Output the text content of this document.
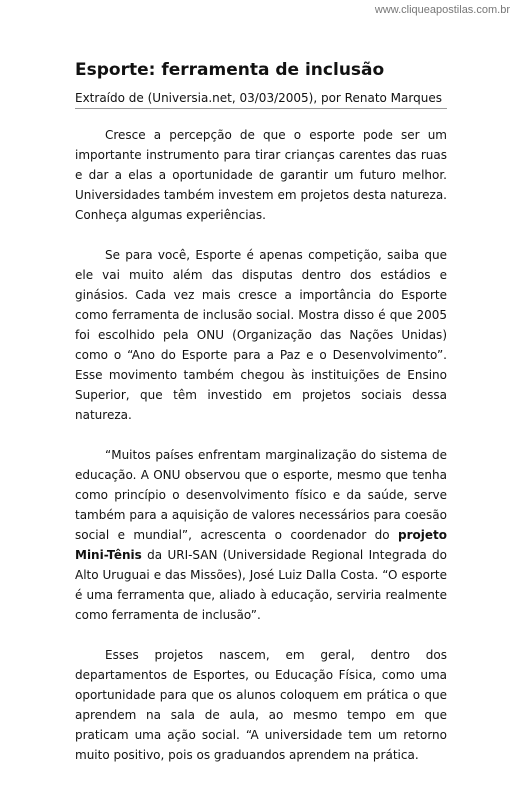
www.cliqueapostilas.com.br
Esporte: ferramenta de inclusão
Extraído de (Universia.net, 03/03/2005), por Renato Marques

Cresce a percepção de que o esporte pode ser um importante instrumento para tirar crianças carentes das ruas e dar a elas a oportunidade de garantir um futuro melhor. Universidades também investem em projetos desta natureza. Conheça algumas experiências.

Se para você, Esporte é apenas competição, saiba que ele vai muito além das disputas dentro dos estádios e ginásios. Cada vez mais cresce a importância do Esporte como ferramenta de inclusão social. Mostra disso é que 2005 foi escolhido pela ONU (Organização das Nações Unidas) como o “Ano do Esporte para a Paz e o Desenvolvimento”. Esse movimento também chegou às instituições de Ensino Superior, que têm investido em projetos sociais dessa natureza.

“Muitos países enfrentam marginalização do sistema de educação. A ONU observou que o esporte, mesmo que tenha como princípio o desenvolvimento físico e da saúde, serve também para a aquisição de valores necessários para coesão social e mundial”, acrescenta o coordenador do projeto Mini-Tênis da URI-SAN (Universidade Regional Integrada do Alto Uruguai e das Missões), José Luiz Dalla Costa. “O esporte é uma ferramenta que, aliado à educação, serviria realmente como ferramenta de inclusão”.

Esses projetos nascem, em geral, dentro dos departamentos de Esportes, ou Educação Física, como uma oportunidade para que os alunos coloquem em prática o que aprendem na sala de aula, ao mesmo tempo em que praticam uma ação social. “A universidade tem um retorno muito positivo, pois os graduandos aprendem na prática.
